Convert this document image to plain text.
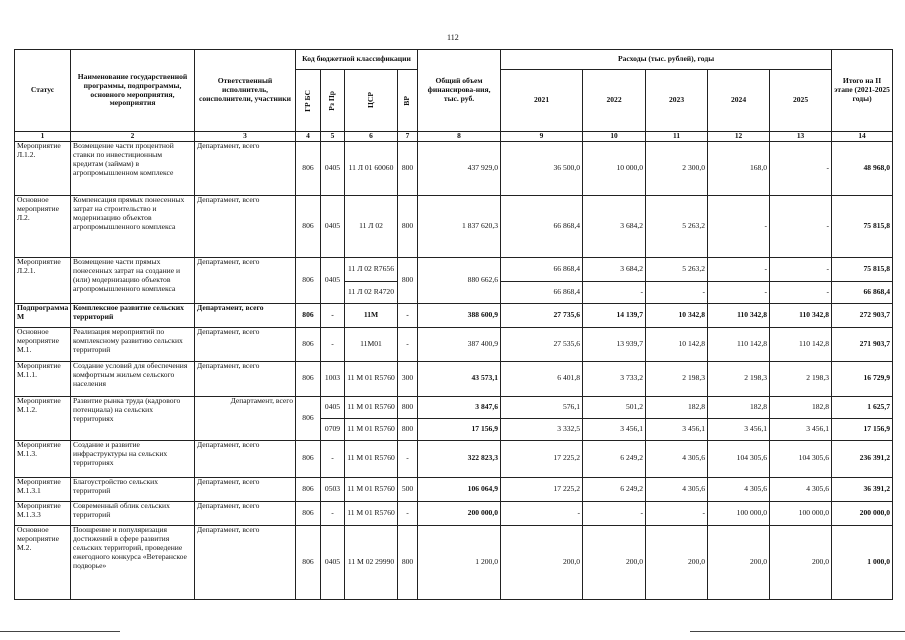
112
Статус	Наименование государственной программы, подпрограммы, основного мероприятия, мероприятия	Ответственный исполнитель, соисполнители, участники	Код бюджетной классификации				Общий объем финансирова-ния, тыс. руб.	Расходы (тыс. рублей), годы					Итого на II этапе (2021-2025 годы)

			ГР БС	Рз Пр	ЦСР	ВР		2021	2022	2023	2024	2025	
1	2	3	4	5	6	7	8	9	10	11	12	13	14
Мероприятие Л.1.2.	Возмещение части процентной ставки по инвестиционным кредитам (займам) в агропромышленном комплексе	Департамент, всего	806	0405	11 Л 01 60060	800	437 929,0	36 500,0	10 000,0	2 300,0	168,0	-	48 968,0
Основное мероприятие Л.2.	Компенсация прямых понесенных затрат на строительство и модернизацию объектов агропромышленного комплекса	Департамент, всего	806	0405	11 Л 02	800	1 837 620,3	66 868,4	3 684,2	5 263,2	-	-	75 815,8
Мероприятие Л.2.1.	Возмещение части прямых понесенных затрат на создание и (или) модернизацию объектов агропромышленного комплекса	Департамент, всего	806	0405	11 Л 02 R7656	800	880 662,6	66 868,4	3 684,2	5 263,2	-	-	75 815,8
					11 Л 02 R4720			66 868,4	-	-	-	-	66 868,4
Подпрограмма М	Комплексное развитие сельских территорий	Департамент, всего	806	-	11М	-	388 600,9	27 735,6	14 139,7	10 342,8	110 342,8	110 342,8	272 903,7
Основное мероприятие М.1.	Реализация мероприятий по комплексному развитию сельских территорий	Департамент, всего	806	-	11М01	-	387 400,9	27 535,6	13 939,7	10 142,8	110 142,8	110 142,8	271 903,7
Мероприятие М.1.1.	Создание условий для обеспечения комфортным жильем сельского населения	Департамент, всего	806	1003	11 М 01 R5760	300	43 573,1	6 401,8	3 733,2	2 198,3	2 198,3	2 198,3	16 729,9
Мероприятие М.1.2.	Развитие рынка труда (кадрового потенциала) на сельских территориях	Департамент, всего	806	0405	11 М 01 R5760	800	3 847,6	576,1	501,2	182,8	182,8	182,8	1 625,7
				0709	11 М 01 R5760	800	17 156,9	3 332,5	3 456,1	3 456,1	3 456,1	3 456,1	17 156,9
Мероприятие М.1.3.	Создание и развитие инфраструктуры на сельских территориях	Департамент, всего	806	-	11 М 01 R5760	-	322 823,3	17 225,2	6 249,2	4 305,6	104 305,6	104 305,6	236 391,2
Мероприятие М.1.3.1	Благоустройство сельских территорий	Департамент, всего	806	0503	11 М 01 R5760	500	106 064,9	17 225,2	6 249,2	4 305,6	4 305,6	4 305,6	36 391,2
Мероприятие М.1.3.3	Современный облик сельских территорий	Департамент, всего	806	-	11 М 01 R5760	-	200 000,0	-	-	-	100 000,0	100 000,0	200 000,0
Основное мероприятие М.2.	Поощрение и популяризация достижений в сфере развития сельских территорий, проведение ежегодного конкурса «Ветеранское подворье»	Департамент, всего	806	0405	11 М 02 29990	800	1 200,0	200,0	200,0	200,0	200,0	200,0	1 000,0
